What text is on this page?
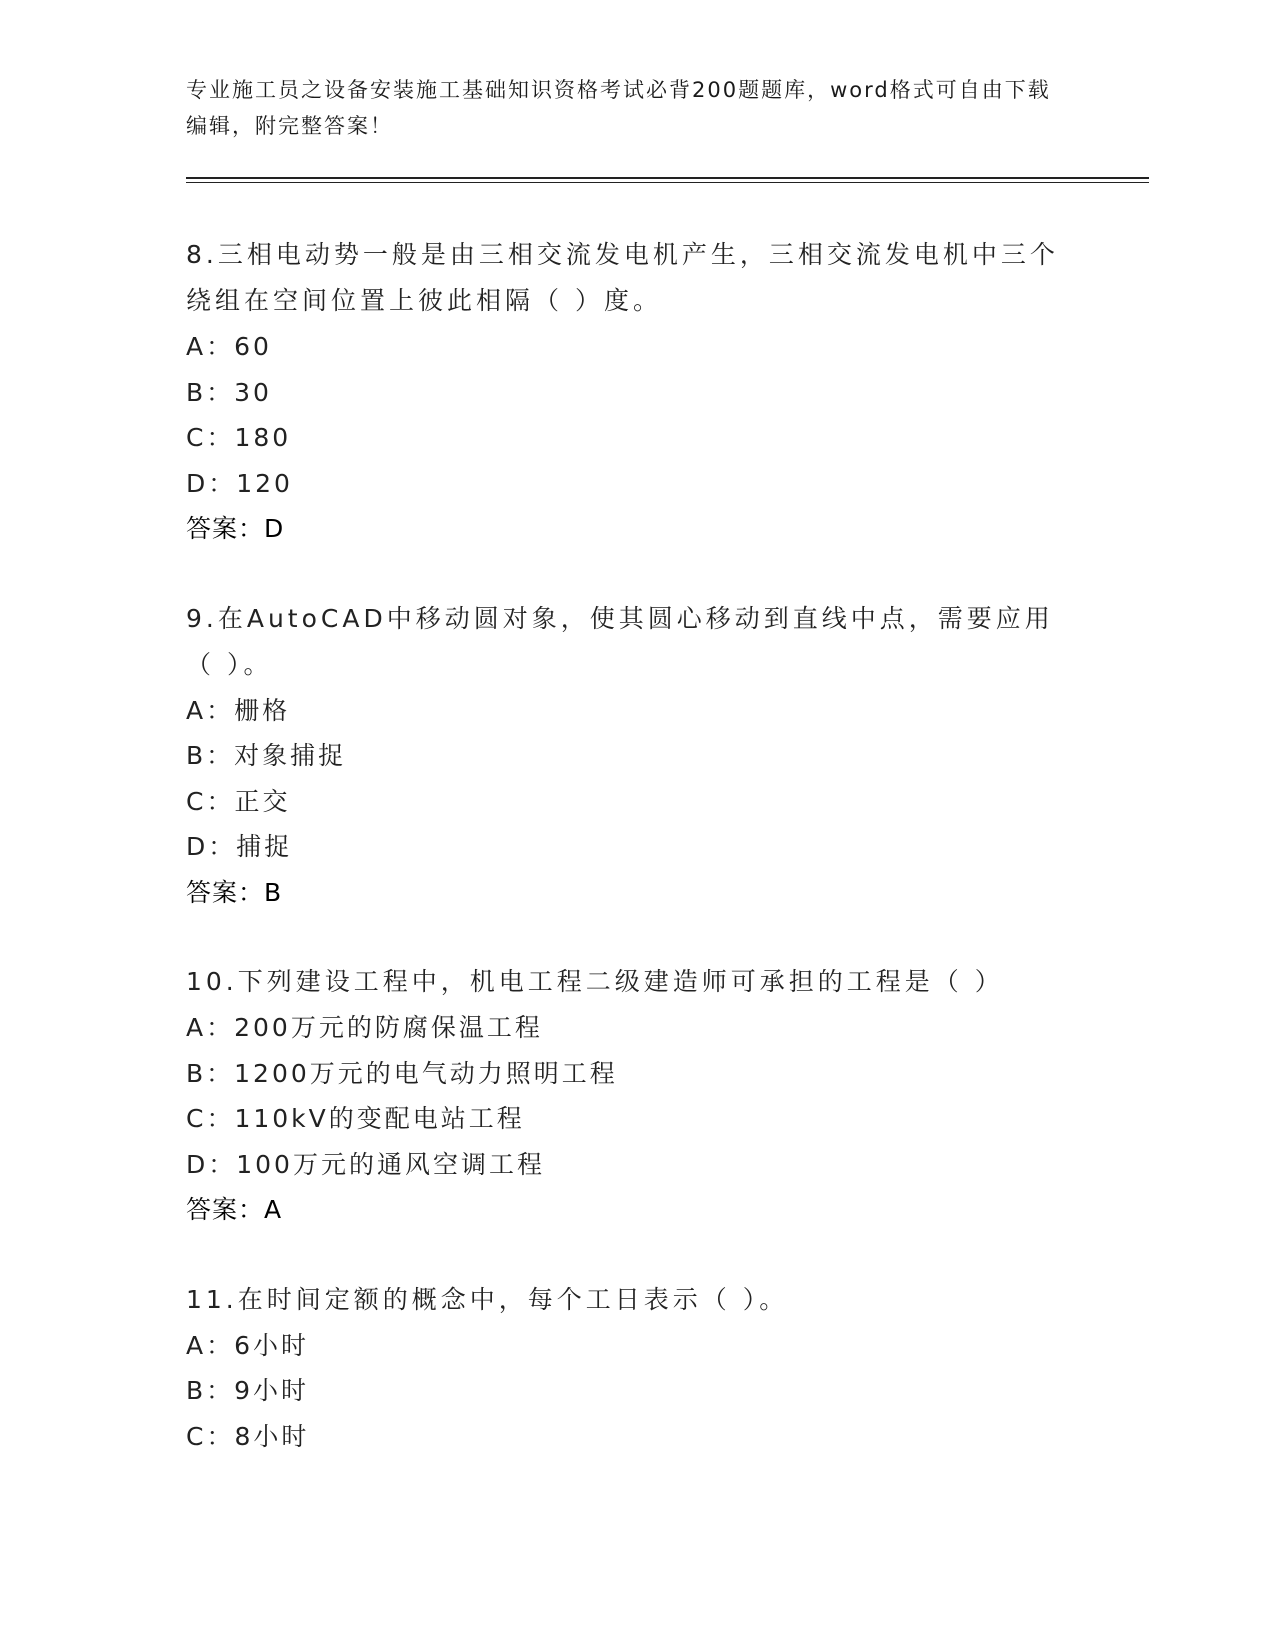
专业施工员之设备安装施工基础知识资格考试必背200题题库，word格式可自由下载编辑，附完整答案！
8.三相电动势一般是由三相交流发电机产生，三相交流发电机中三个绕组在空间位置上彼此相隔（ ）度。
A：60
B：30
C：180
D：120
答案：D
9.在AutoCAD中移动圆对象，使其圆心移动到直线中点，需要应用（ ）。
A：栅格
B：对象捕捉
C：正交
D：捕捉
答案：B
10.下列建设工程中，机电工程二级建造师可承担的工程是（ ）
A：200万元的防腐保温工程
B：1200万元的电气动力照明工程
C：110kV的变配电站工程
D：100万元的通风空调工程
答案：A
11.在时间定额的概念中，每个工日表示（ ）。
A：6小时
B：9小时
C：8小时
